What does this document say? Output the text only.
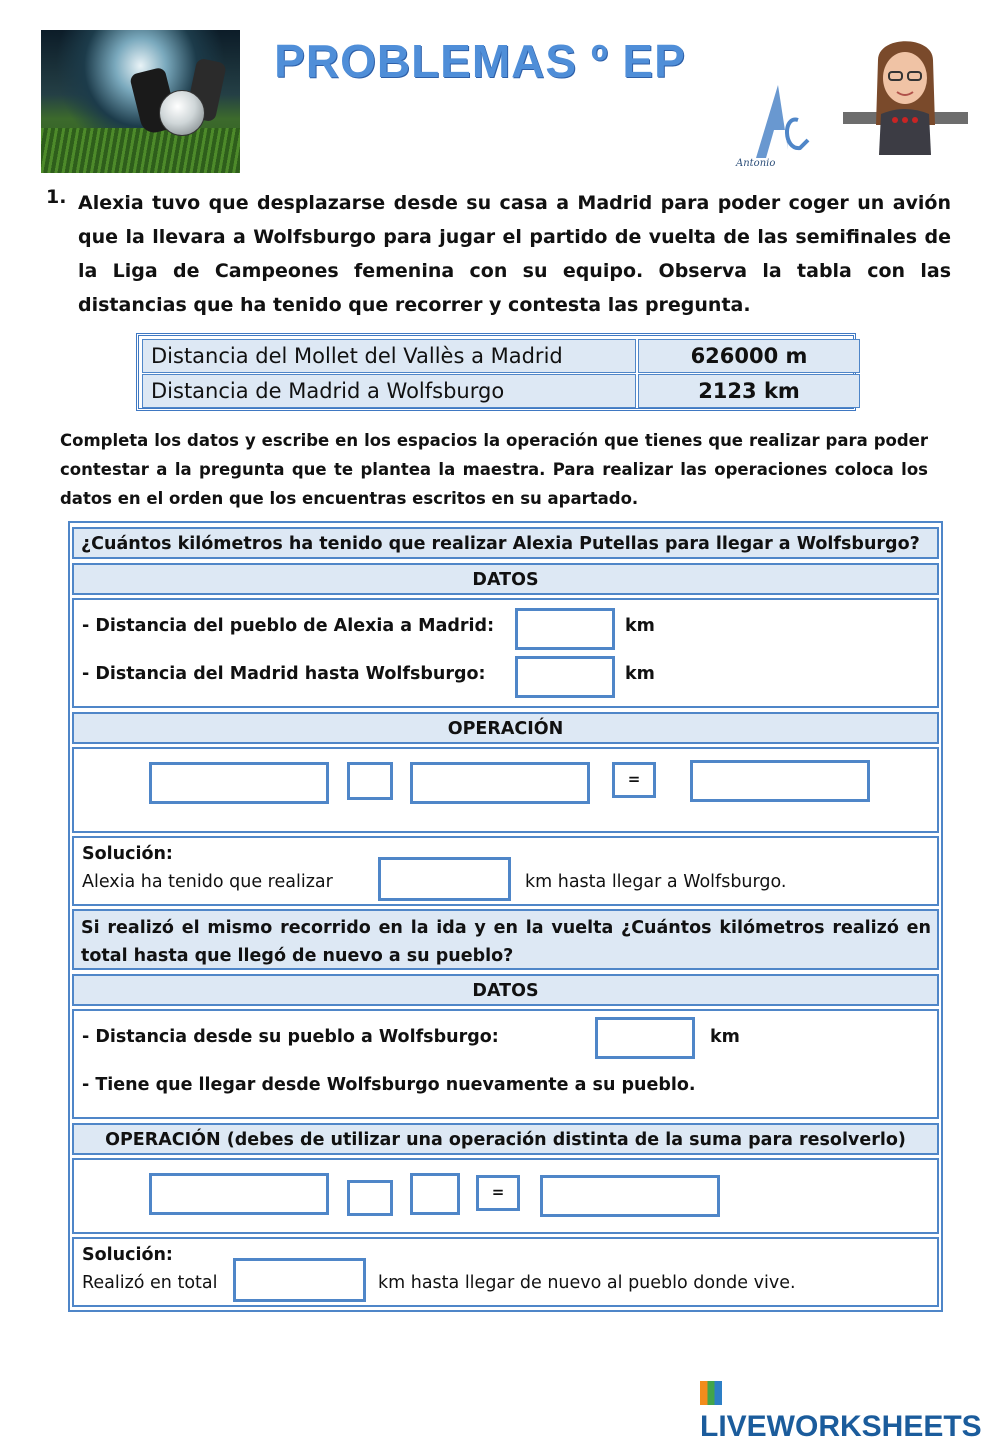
PROBLEMAS º EP
Antonio
1. Alexia tuvo que desplazarse desde su casa a Madrid para poder coger un avión que la llevara a Wolfsburgo para jugar el partido de vuelta de las semifinales de la Liga de Campeones femenina con su equipo. Observa la tabla con las distancias que ha tenido que recorrer y contesta las pregunta.
Distancia del Mollet del Vallès a Madrid	626000 m
Distancia de Madrid a Wolfsburgo	2123 km
Completa los datos y escribe en los espacios la operación que tienes que realizar para poder contestar a la pregunta que te plantea la maestra. Para realizar las operaciones coloca los datos en el orden que los encuentras escritos en su apartado.
¿Cuántos kilómetros ha tenido que realizar Alexia Putellas para llegar a Wolfsburgo?
DATOS
- Distancia del pueblo de Alexia a Madrid:	km
- Distancia del Madrid hasta Wolfsburgo:	km
OPERACIÓN
=
Solución:
Alexia ha tenido que realizar	km hasta llegar a Wolfsburgo.
Si realizó el mismo recorrido en la ida y en la vuelta ¿Cuántos kilómetros realizó en total hasta que llegó de nuevo a su pueblo?
DATOS
- Distancia desde su pueblo a Wolfsburgo:	km
- Tiene que llegar desde Wolfsburgo nuevamente a su pueblo.
OPERACIÓN (debes de utilizar una operación distinta de la suma para resolverlo)
=
Solución:
Realizó en total	km hasta llegar de nuevo al pueblo donde vive.
LIVEWORKSHEETS
